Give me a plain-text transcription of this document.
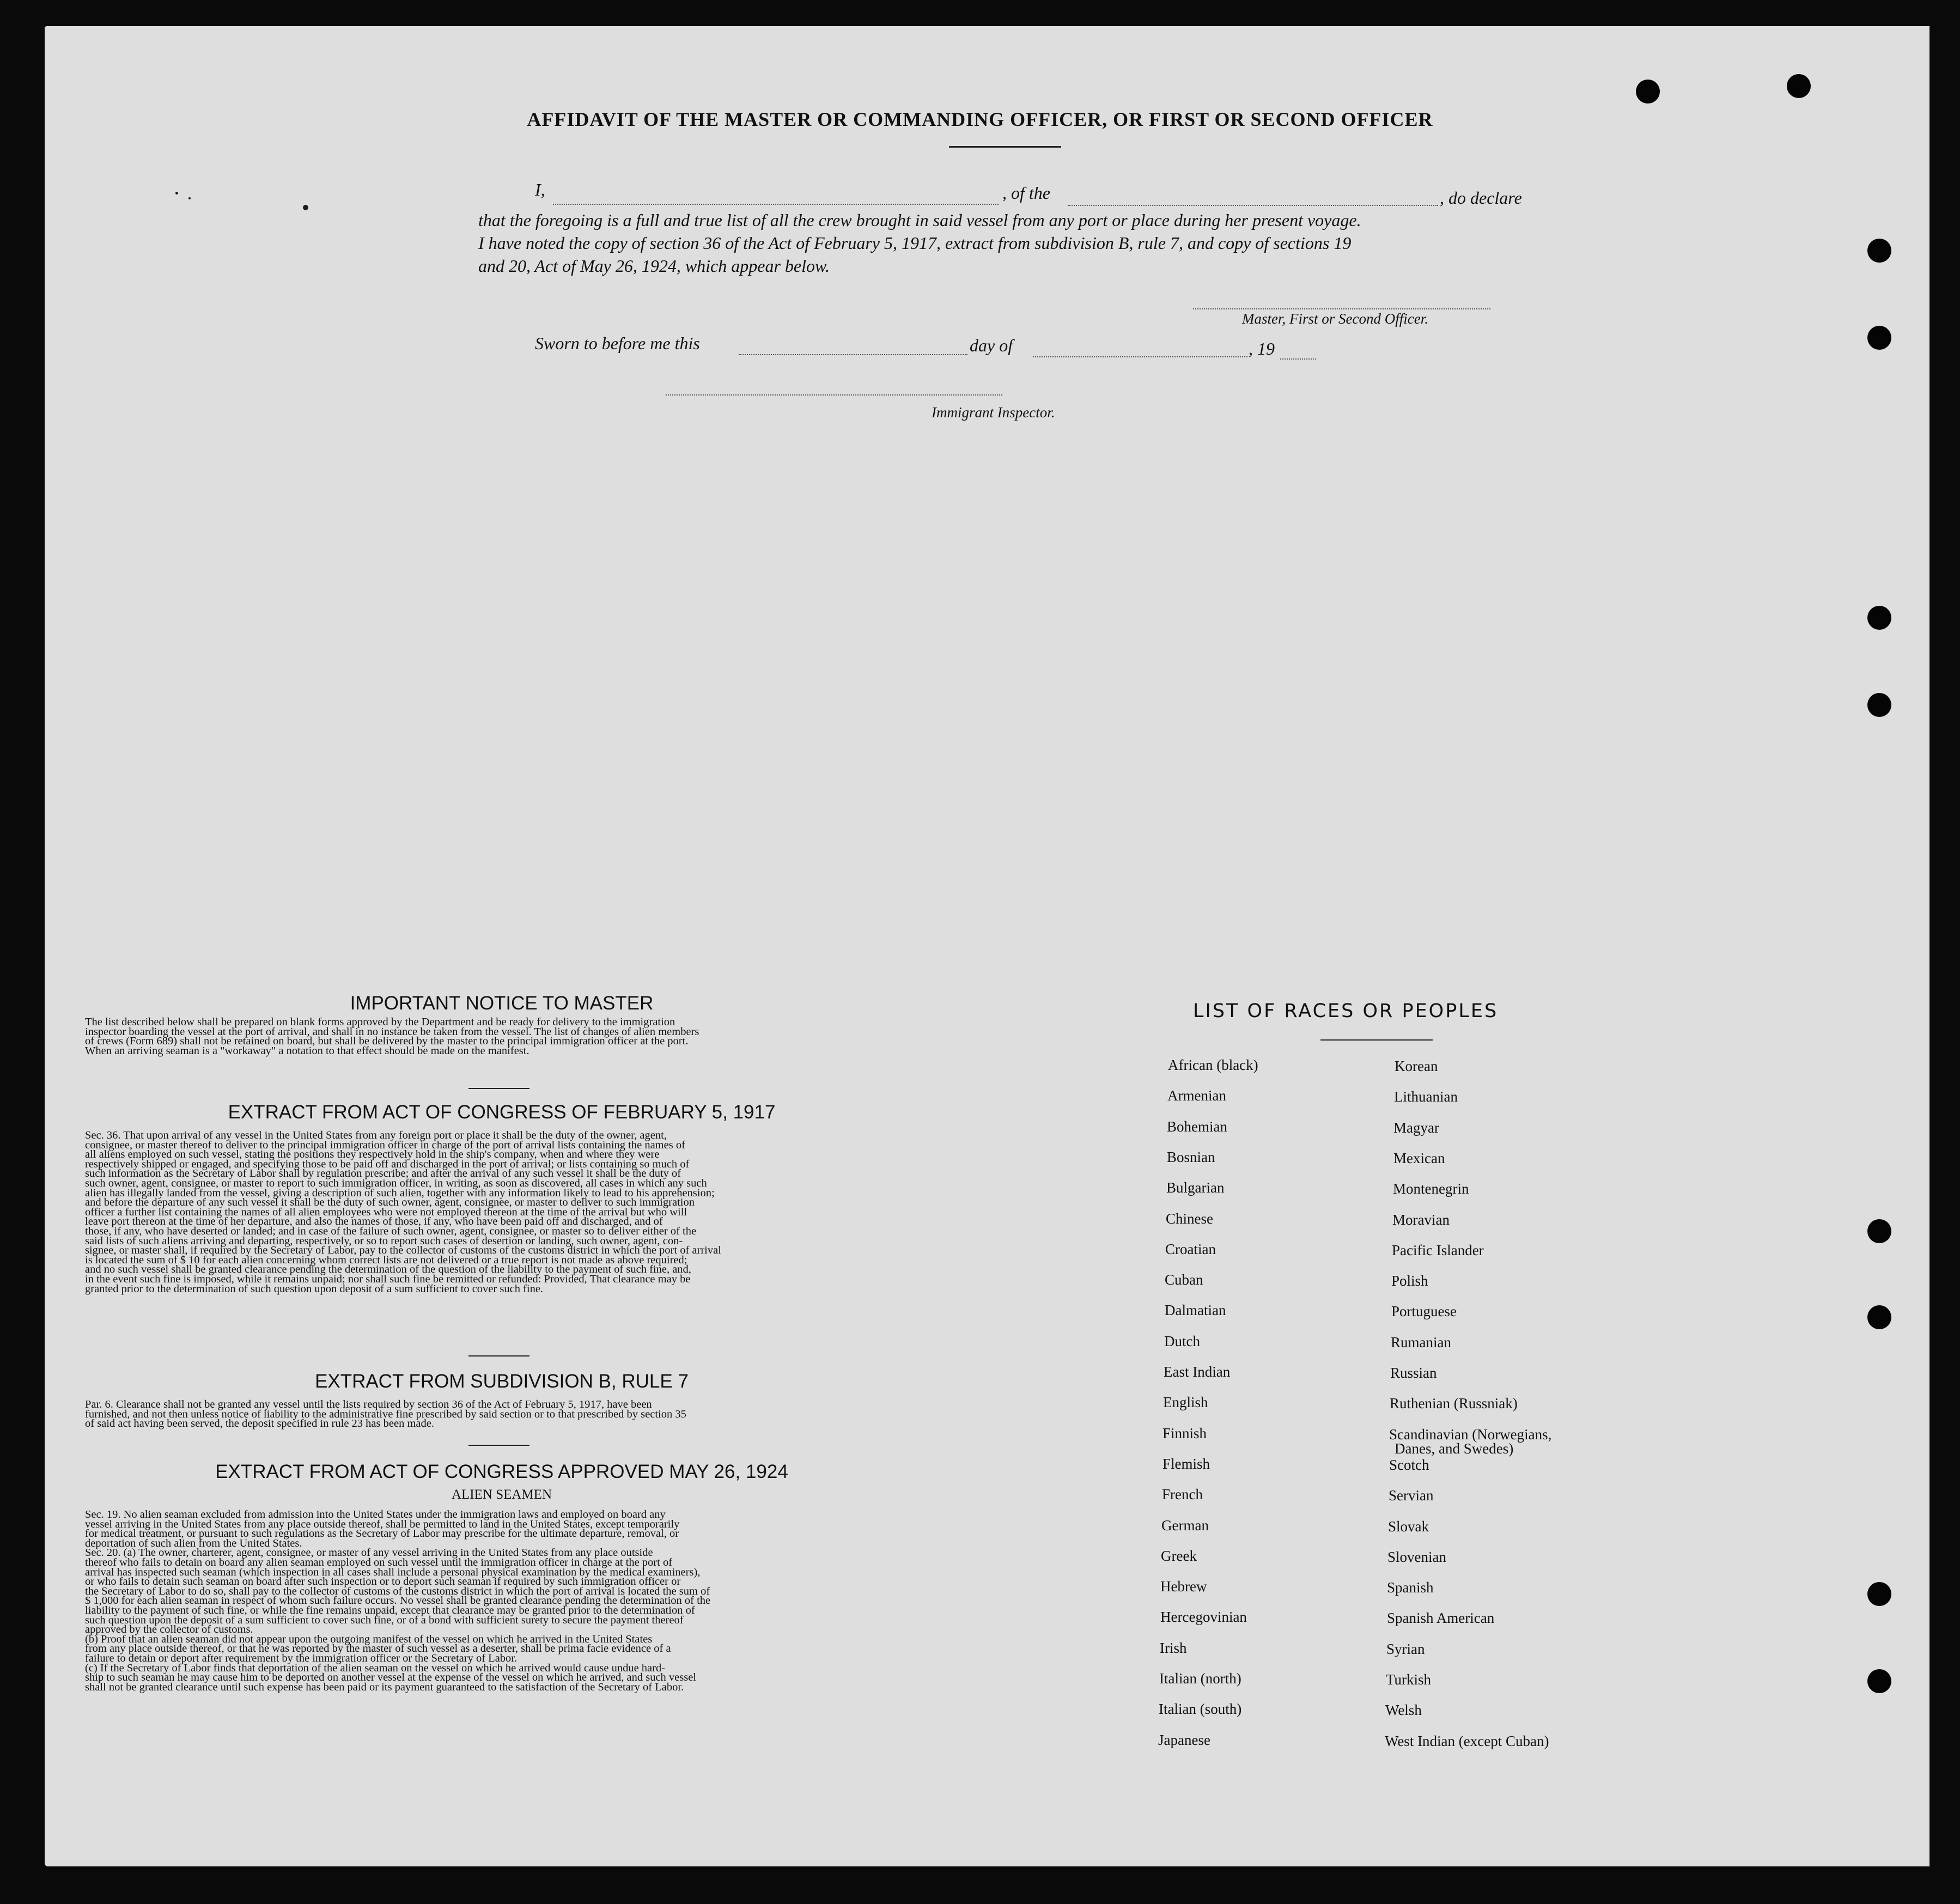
AFFIDAVIT OF THE MASTER OR COMMANDING OFFICER, OR FIRST OR SECOND OFFICER
I,	, of the	, do declare
that the foregoing is a full and true list of all the crew brought in said vessel from any port or place during her present voyage.
I have noted the copy of section 36 of the Act of February 5, 1917, extract from subdivision B, rule 7, and copy of sections 19
and 20, Act of May 26, 1924, which appear below.
Master, First or Second Officer.
Sworn to before me this	day of	, 19
Immigrant Inspector.
IMPORTANT NOTICE TO MASTER
The list described below shall be prepared on blank forms approved by the Department and be ready for delivery to the immigration
inspector boarding the vessel at the port of arrival, and shall in no instance be taken from the vessel. The list of changes of alien members
of crews (Form 689) shall not be retained on board, but shall be delivered by the master to the principal immigration officer at the port.
When an arriving seaman is a "workaway" a notation to that effect should be made on the manifest.
EXTRACT FROM ACT OF CONGRESS OF FEBRUARY 5, 1917
Sec. 36. That upon arrival of any vessel in the United States from any foreign port or place it shall be the duty of the owner, agent,
consignee, or master thereof to deliver to the principal immigration officer in charge of the port of arrival lists containing the names of
all aliens employed on such vessel, stating the positions they respectively hold in the ship's company, when and where they were
respectively shipped or engaged, and specifying those to be paid off and discharged in the port of arrival; or lists containing so much of
such information as the Secretary of Labor shall by regulation prescribe; and after the arrival of any such vessel it shall be the duty of
such owner, agent, consignee, or master to report to such immigration officer, in writing, as soon as discovered, all cases in which any such
alien has illegally landed from the vessel, giving a description of such alien, together with any information likely to lead to his apprehension;
and before the departure of any such vessel it shall be the duty of such owner, agent, consignee, or master to deliver to such immigration
officer a further list containing the names of all alien employees who were not employed thereon at the time of the arrival but who will
leave port thereon at the time of her departure, and also the names of those, if any, who have been paid off and discharged, and of
those, if any, who have deserted or landed; and in case of the failure of such owner, agent, consignee, or master so to deliver either of the
said lists of such aliens arriving and departing, respectively, or so to report such cases of desertion or landing, such owner, agent, con-
signee, or master shall, if required by the Secretary of Labor, pay to the collector of customs of the customs district in which the port of arrival
is located the sum of $ 10 for each alien concerning whom correct lists are not delivered or a true report is not made as above required;
and no such vessel shall be granted clearance pending the determination of the question of the liability to the payment of such fine, and,
in the event such fine is imposed, while it remains unpaid; nor shall such fine be remitted or refunded: Provided, That clearance may be
granted prior to the determination of such question upon deposit of a sum sufficient to cover such fine.
EXTRACT FROM SUBDIVISION B, RULE 7
Par. 6. Clearance shall not be granted any vessel until the lists required by section 36 of the Act of February 5, 1917, have been
furnished, and not then unless notice of liability to the administrative fine prescribed by said section or to that prescribed by section 35
of said act having been served, the deposit specified in rule 23 has been made.
EXTRACT FROM ACT OF CONGRESS APPROVED MAY 26, 1924
ALIEN SEAMEN
Sec. 19. No alien seaman excluded from admission into the United States under the immigration laws and employed on board any
vessel arriving in the United States from any place outside thereof, shall be permitted to land in the United States, except temporarily
for medical treatment, or pursuant to such regulations as the Secretary of Labor may prescribe for the ultimate departure, removal, or
deportation of such alien from the United States.
Sec. 20. (a) The owner, charterer, agent, consignee, or master of any vessel arriving in the United States from any place outside
thereof who fails to detain on board any alien seaman employed on such vessel until the immigration officer in charge at the port of
arrival has inspected such seaman (which inspection in all cases shall include a personal physical examination by the medical examiners),
or who fails to detain such seaman on board after such inspection or to deport such seaman if required by such immigration officer or
the Secretary of Labor to do so, shall pay to the collector of customs of the customs district in which the port of arrival is located the sum of
$ 1,000 for each alien seaman in respect of whom such failure occurs. No vessel shall be granted clearance pending the determination of the
liability to the payment of such fine, or while the fine remains unpaid, except that clearance may be granted prior to the determination of
such question upon the deposit of a sum sufficient to cover such fine, or of a bond with sufficient surety to secure the payment thereof
approved by the collector of customs.
(b) Proof that an alien seaman did not appear upon the outgoing manifest of the vessel on which he arrived in the United States
from any place outside thereof, or that he was reported by the master of such vessel as a deserter, shall be prima facie evidence of a
failure to detain or deport after requirement by the immigration officer or the Secretary of Labor.
(c) If the Secretary of Labor finds that deportation of the alien seaman on the vessel on which he arrived would cause undue hard-
ship to such seaman he may cause him to be deported on another vessel at the expense of the vessel on which he arrived, and such vessel
shall not be granted clearance until such expense has been paid or its payment guaranteed to the satisfaction of the Secretary of Labor.
LIST OF RACES OR PEOPLES
African (black)
Armenian
Bohemian
Bosnian
Bulgarian
Chinese
Croatian
Cuban
Dalmatian
Dutch
East Indian
English
Finnish
Flemish
French
German
Greek
Hebrew
Hercegovinian
Irish
Italian (north)
Italian (south)
Japanese
Korean
Lithuanian
Magyar
Mexican
Montenegrin
Moravian
Pacific Islander
Polish
Portuguese
Rumanian
Russian
Ruthenian (Russniak)
Scandinavian (Norwegians,
Scotch
Servian
Slovak
Slovenian
Spanish
Spanish American
Syrian
Turkish
Welsh
West Indian (except Cuban)
Danes, and Swedes)
